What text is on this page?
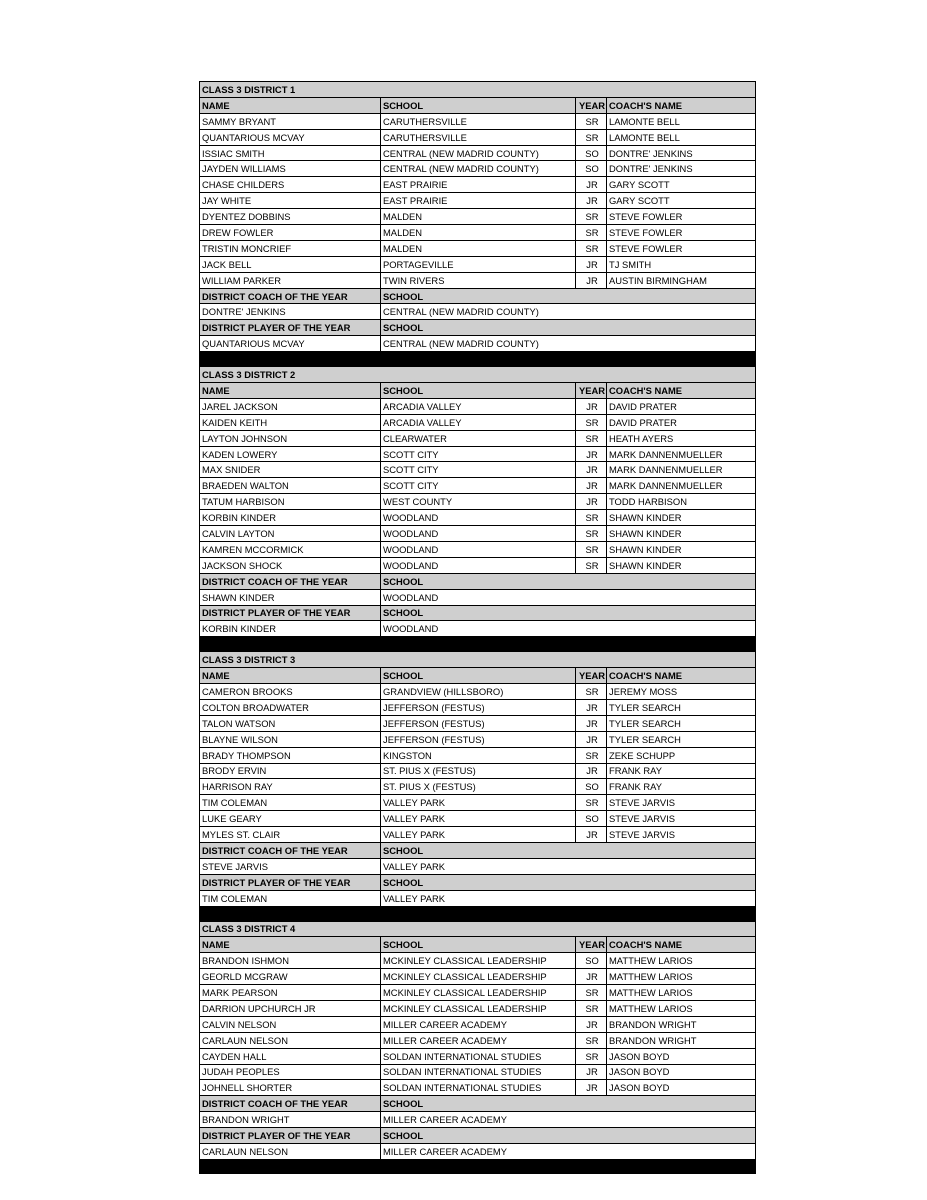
CLASS 3 DISTRICT 1			
NAME	SCHOOL	YEAR	COACH'S NAME
SAMMY BRYANT	CARUTHERSVILLE	SR	LAMONTE BELL
QUANTARIOUS MCVAY	CARUTHERSVILLE	SR	LAMONTE BELL
ISSIAC SMITH	CENTRAL (NEW MADRID COUNTY)	SO	DONTRE' JENKINS
JAYDEN WILLIAMS	CENTRAL (NEW MADRID COUNTY)	SO	DONTRE' JENKINS
CHASE CHILDERS	EAST PRAIRIE	JR	GARY SCOTT
JAY WHITE	EAST PRAIRIE	JR	GARY SCOTT
DYENTEZ DOBBINS	MALDEN	SR	STEVE FOWLER
DREW FOWLER	MALDEN	SR	STEVE FOWLER
TRISTIN MONCRIEF	MALDEN	SR	STEVE FOWLER
JACK BELL	PORTAGEVILLE	JR	TJ SMITH
WILLIAM PARKER	TWIN RIVERS	JR	AUSTIN BIRMINGHAM
DISTRICT COACH OF THE YEAR	SCHOOL		
DONTRE' JENKINS	CENTRAL (NEW MADRID COUNTY)		
DISTRICT PLAYER OF THE YEAR	SCHOOL		
QUANTARIOUS MCVAY	CENTRAL (NEW MADRID COUNTY)		

CLASS 3 DISTRICT 2			
NAME	SCHOOL	YEAR	COACH'S NAME
JAREL JACKSON	ARCADIA VALLEY	JR	DAVID PRATER
KAIDEN KEITH	ARCADIA VALLEY	SR	DAVID PRATER
LAYTON JOHNSON	CLEARWATER	SR	HEATH AYERS
KADEN LOWERY	SCOTT CITY	JR	MARK DANNENMUELLER
MAX SNIDER	SCOTT CITY	JR	MARK DANNENMUELLER
BRAEDEN WALTON	SCOTT CITY	JR	MARK DANNENMUELLER
TATUM HARBISON	WEST COUNTY	JR	TODD HARBISON
KORBIN KINDER	WOODLAND	SR	SHAWN KINDER
CALVIN LAYTON	WOODLAND	SR	SHAWN KINDER
KAMREN MCCORMICK	WOODLAND	SR	SHAWN KINDER
JACKSON SHOCK	WOODLAND	SR	SHAWN KINDER
DISTRICT COACH OF THE YEAR	SCHOOL		
SHAWN KINDER	WOODLAND		
DISTRICT PLAYER OF THE YEAR	SCHOOL		
KORBIN KINDER	WOODLAND		

CLASS 3 DISTRICT 3			
NAME	SCHOOL	YEAR	COACH'S NAME
CAMERON BROOKS	GRANDVIEW (HILLSBORO)	SR	JEREMY MOSS
COLTON BROADWATER	JEFFERSON (FESTUS)	JR	TYLER SEARCH
TALON WATSON	JEFFERSON (FESTUS)	JR	TYLER SEARCH
BLAYNE WILSON	JEFFERSON (FESTUS)	JR	TYLER SEARCH
BRADY THOMPSON	KINGSTON	SR	ZEKE SCHUPP
BRODY ERVIN	ST. PIUS X (FESTUS)	JR	FRANK RAY
HARRISON RAY	ST. PIUS X (FESTUS)	SO	FRANK RAY
TIM COLEMAN	VALLEY PARK	SR	STEVE JARVIS
LUKE GEARY	VALLEY PARK	SO	STEVE JARVIS
MYLES ST. CLAIR	VALLEY PARK	JR	STEVE JARVIS
DISTRICT COACH OF THE YEAR	SCHOOL		
STEVE JARVIS	VALLEY PARK		
DISTRICT PLAYER OF THE YEAR	SCHOOL		
TIM COLEMAN	VALLEY PARK		

CLASS 3 DISTRICT 4			
NAME	SCHOOL	YEAR	COACH'S NAME
BRANDON ISHMON	MCKINLEY CLASSICAL LEADERSHIP	SO	MATTHEW LARIOS
GEORLD MCGRAW	MCKINLEY CLASSICAL LEADERSHIP	JR	MATTHEW LARIOS
MARK PEARSON	MCKINLEY CLASSICAL LEADERSHIP	SR	MATTHEW LARIOS
DARRION UPCHURCH JR	MCKINLEY CLASSICAL LEADERSHIP	SR	MATTHEW LARIOS
CALVIN NELSON	MILLER CAREER ACADEMY	JR	BRANDON WRIGHT
CARLAUN NELSON	MILLER CAREER ACADEMY	SR	BRANDON WRIGHT
CAYDEN HALL	SOLDAN INTERNATIONAL STUDIES	SR	JASON BOYD
JUDAH PEOPLES	SOLDAN INTERNATIONAL STUDIES	JR	JASON BOYD
JOHNELL SHORTER	SOLDAN INTERNATIONAL STUDIES	JR	JASON BOYD
DISTRICT COACH OF THE YEAR	SCHOOL		
BRANDON WRIGHT	MILLER CAREER ACADEMY		
DISTRICT PLAYER OF THE YEAR	SCHOOL		
CARLAUN NELSON	MILLER CAREER ACADEMY		
